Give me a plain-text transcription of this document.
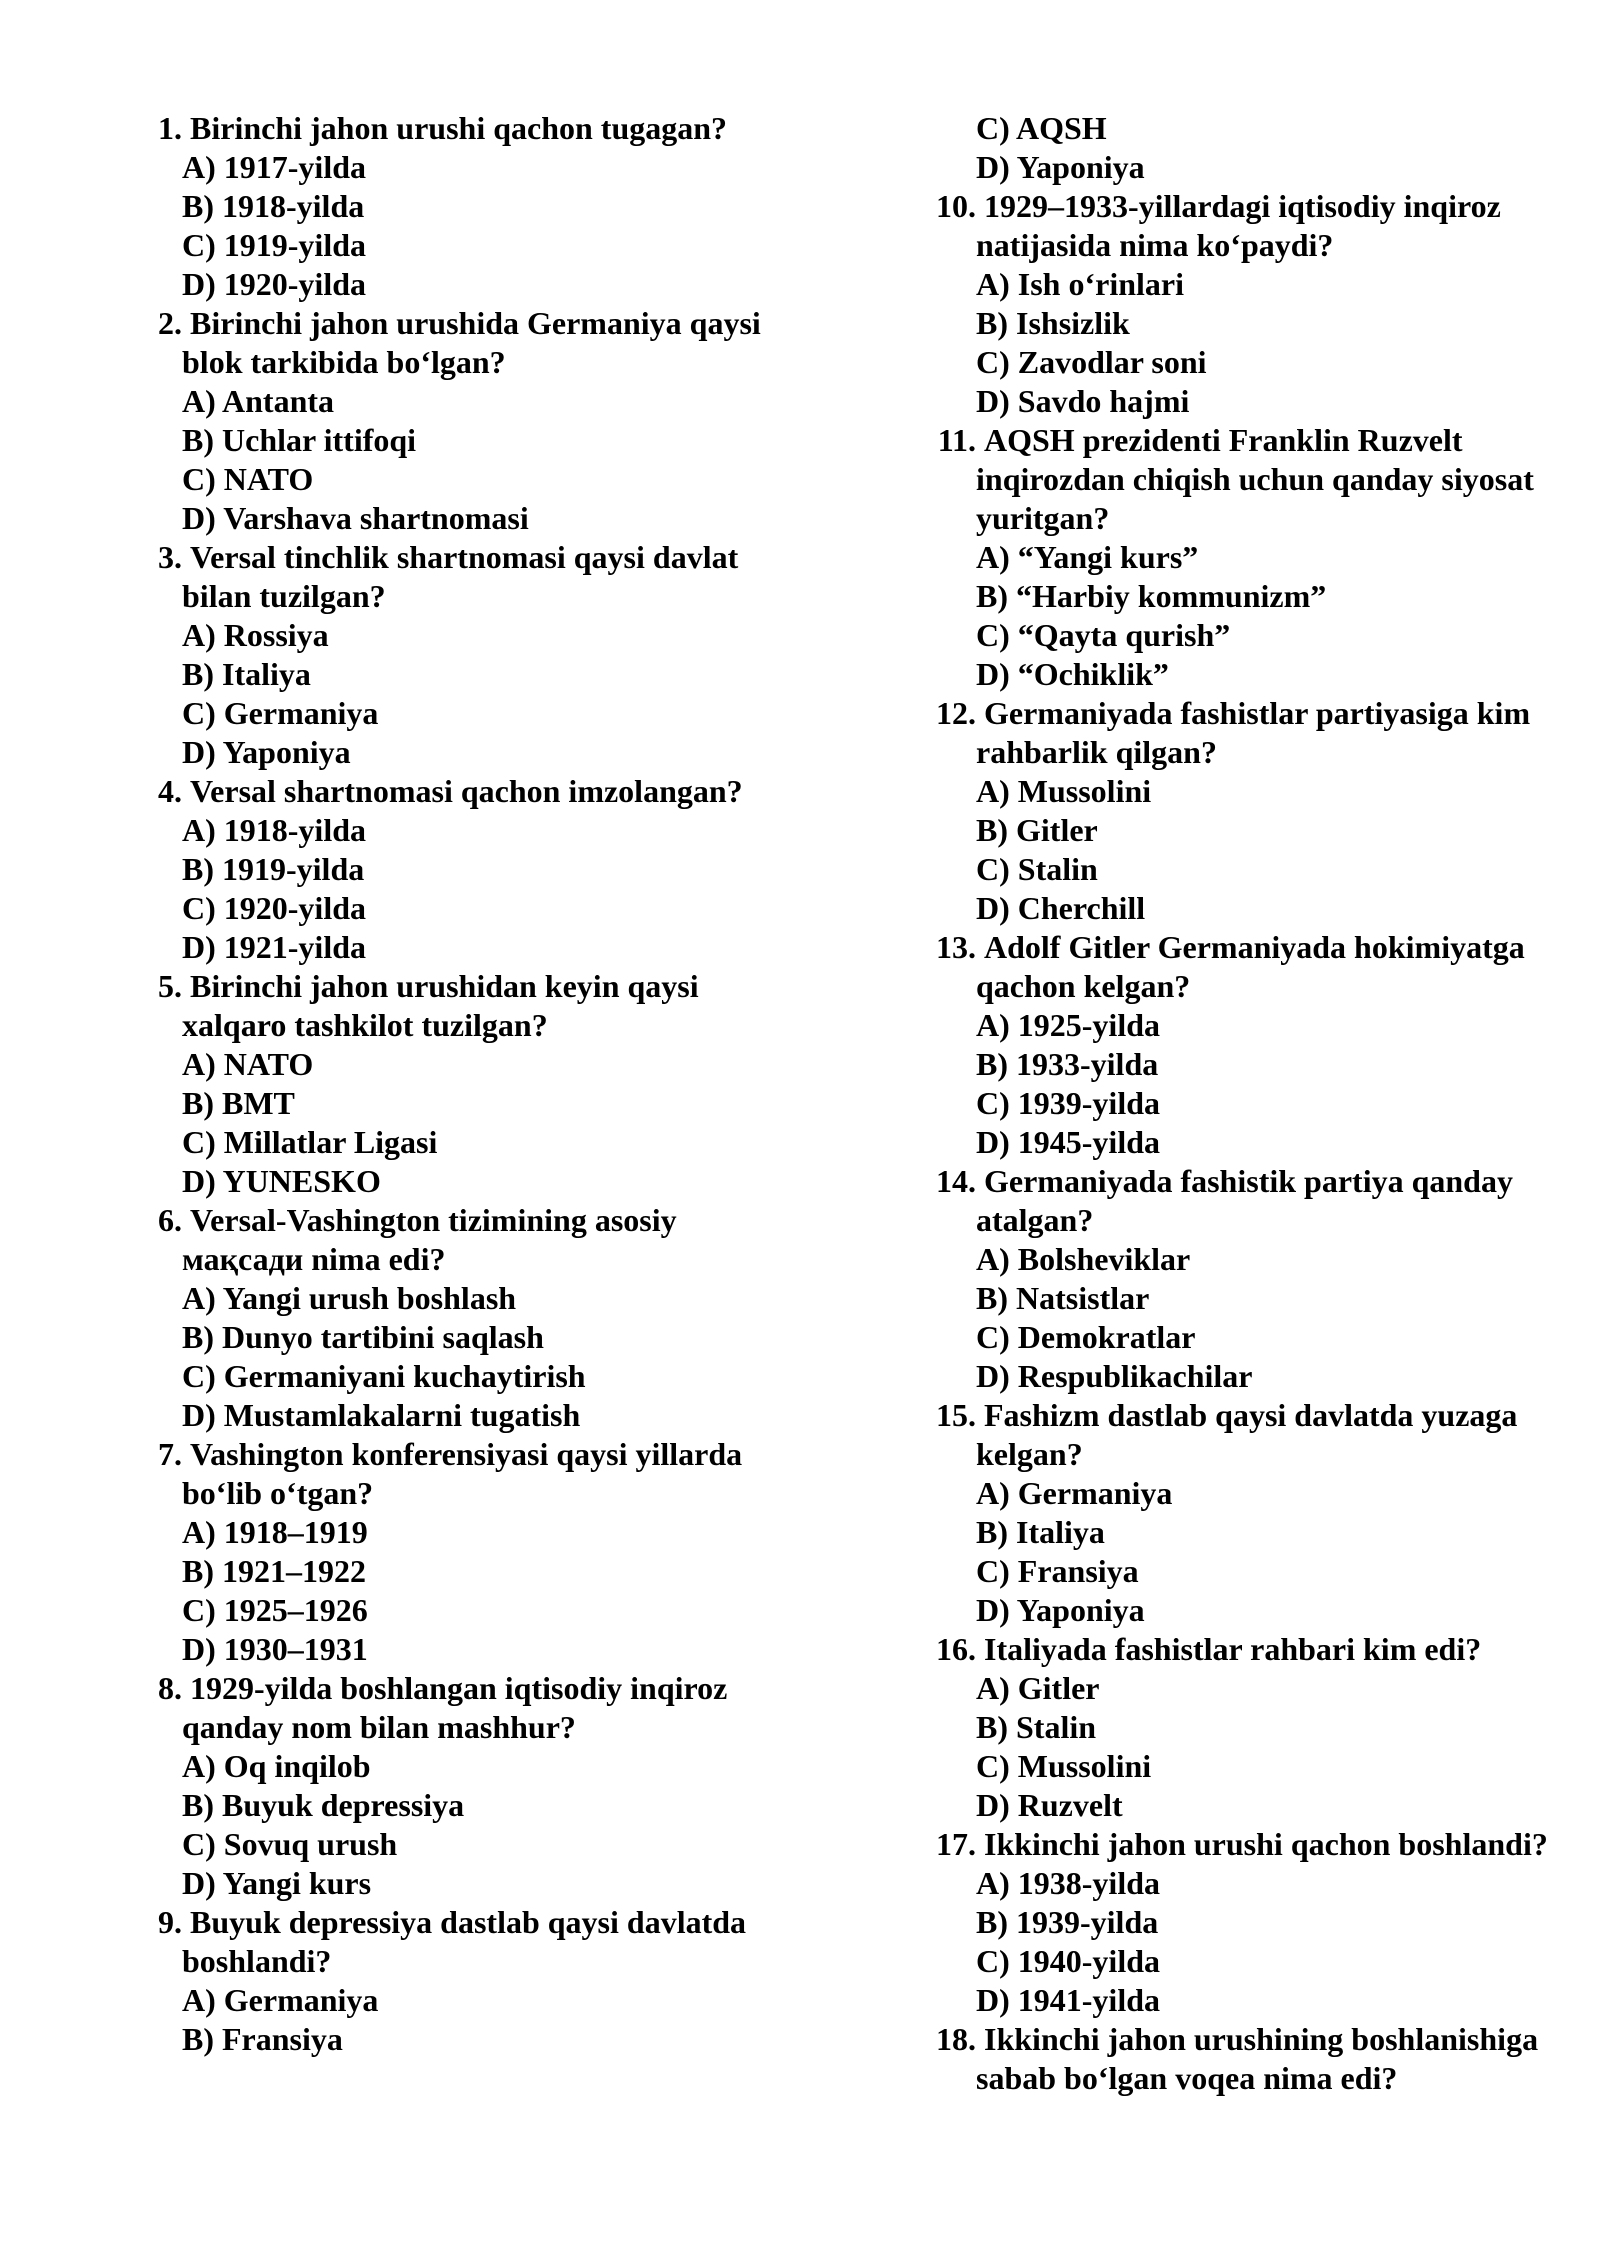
1. Birinchi jahon urushi qachon tugagan?
A) 1917-yilda
B) 1918-yilda
C) 1919-yilda
D) 1920-yilda
2. Birinchi jahon urushida Germaniya qaysi
blok tarkibida bo‘lgan?
A) Antanta
B) Uchlar ittifoqi
C) NATO
D) Varshava shartnomasi
3. Versal tinchlik shartnomasi qaysi davlat
bilan tuzilgan?
A) Rossiya
B) Italiya
C) Germaniya
D) Yaponiya
4. Versal shartnomasi qachon imzolangan?
A) 1918-yilda
B) 1919-yilda
C) 1920-yilda
D) 1921-yilda
5. Birinchi jahon urushidan keyin qaysi
xalqaro tashkilot tuzilgan?
A) NATO
B) BMT
C) Millatlar Ligasi
D) YUNESKO
6. Versal-Vashington tizimining asosiy
мақсади nima edi?
A) Yangi urush boshlash
B) Dunyo tartibini saqlash
C) Germaniyani kuchaytirish
D) Mustamlakalarni tugatish
7. Vashington konferensiyasi qaysi yillarda
bo‘lib o‘tgan?
A) 1918–1919
B) 1921–1922
C) 1925–1926
D) 1930–1931
8. 1929-yilda boshlangan iqtisodiy inqiroz
qanday nom bilan mashhur?
A) Oq inqilob
B) Buyuk depressiya
C) Sovuq urush
D) Yangi kurs
9. Buyuk depressiya dastlab qaysi davlatda
boshlandi?
A) Germaniya
B) Fransiya
C) AQSH
D) Yaponiya
10. 1929–1933-yillardagi iqtisodiy inqiroz
natijasida nima ko‘paydi?
A) Ish o‘rinlari
B) Ishsizlik
C) Zavodlar soni
D) Savdo hajmi
11. AQSH prezidenti Franklin Ruzvelt
inqirozdan chiqish uchun qanday siyosat
yuritgan?
A) “Yangi kurs”
B) “Harbiy kommunizm”
C) “Qayta qurish”
D) “Ochiklik”
12. Germaniyada fashistlar partiyasiga kim
rahbarlik qilgan?
A) Mussolini
B) Gitler
C) Stalin
D) Cherchill
13. Adolf Gitler Germaniyada hokimiyatga
qachon kelgan?
A) 1925-yilda
B) 1933-yilda
C) 1939-yilda
D) 1945-yilda
14. Germaniyada fashistik partiya qanday
atalgan?
A) Bolsheviklar
B) Natsistlar
C) Demokratlar
D) Respublikachilar
15. Fashizm dastlab qaysi davlatda yuzaga
kelgan?
A) Germaniya
B) Italiya
C) Fransiya
D) Yaponiya
16. Italiyada fashistlar rahbari kim edi?
A) Gitler
B) Stalin
C) Mussolini
D) Ruzvelt
17. Ikkinchi jahon urushi qachon boshlandi?
A) 1938-yilda
B) 1939-yilda
C) 1940-yilda
D) 1941-yilda
18. Ikkinchi jahon urushining boshlanishiga
sabab bo‘lgan voqea nima edi?
